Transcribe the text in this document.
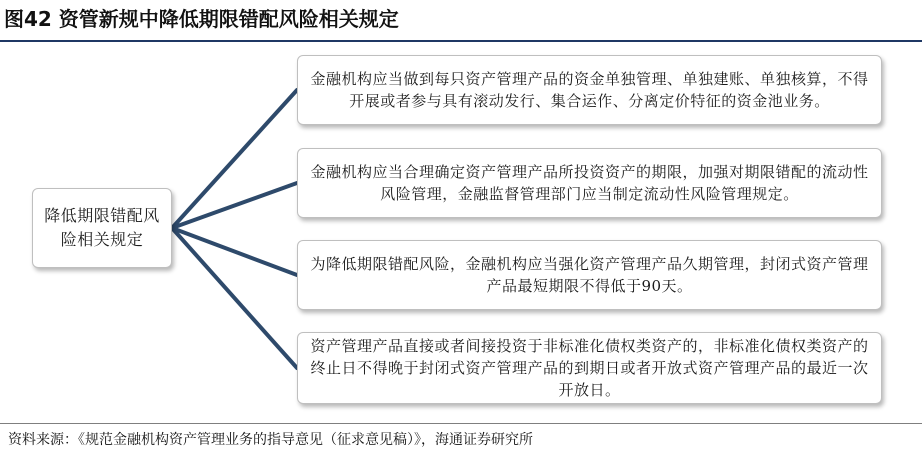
图42 资管新规中降低期限错配风险相关规定
降低期限错配风险相关规定
金融机构应当做到每只资产管理产品的资金单独管理、单独建账、单独核算，不得开展或者参与具有滚动发行、集合运作、分离定价特征的资金池业务。
金融机构应当合理确定资产管理产品所投资资产的期限，加强对期限错配的流动性风险管理，金融监督管理部门应当制定流动性风险管理规定。
为降低期限错配风险，金融机构应当强化资产管理产品久期管理，封闭式资产管理产品最短期限不得低于90天。
资产管理产品直接或者间接投资于非标准化债权类资产的，非标准化债权类资产的终止日不得晚于封闭式资产管理产品的到期日或者开放式资产管理产品的最近一次开放日。
资料来源：《规范金融机构资产管理业务的指导意见（征求意见稿）》，海通证券研究所
